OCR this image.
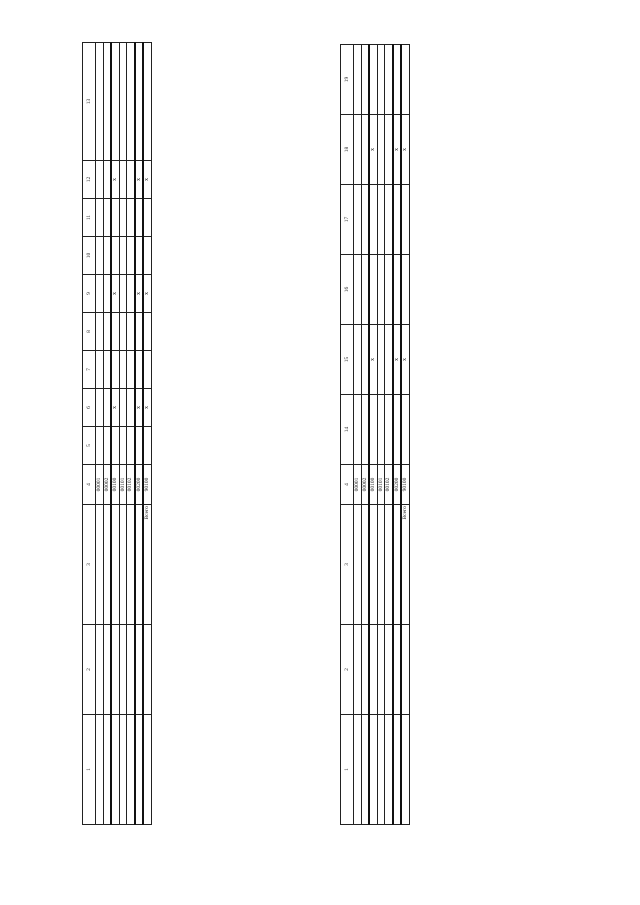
1	2	3	4	5	6	7	8	9	10	11	12	13
			00001									
			00002									
			00100		x			x			x	
			00101									
			00102									
			00200		x			x			x	
		Всего	90100		x			x			x	
1	2	3	4	14	15	16	17	18	19
			00001						
			00002						
			00100		x			x	
			00101						
			00102						
			00200		x			x	
		Всего	90100		x			x	
